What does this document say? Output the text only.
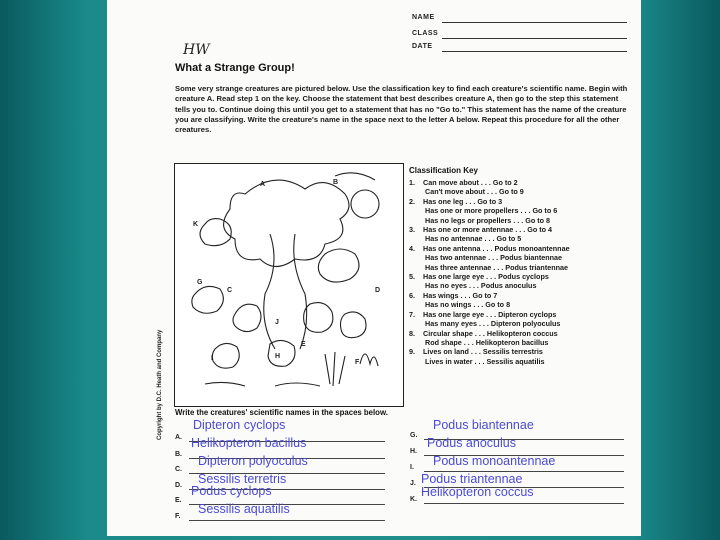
NAME
CLASS
DATE
HW
What a Strange Group!
Some very strange creatures are pictured below. Use the classification key to find each creature's scientific name. Begin with creature A. Read step 1 on the key. Choose the statement that best describes creature A, then go to the step this statement tells you to. Continue doing this until you get to a statement that has no "Go to." This statement has the name of the creature you are classifying. Write the creature's name in the space next to the letter A below. Repeat this procedure for all the other creatures.
A	B
C	D
E
F
G
H
I
J
K
Classification Key
1. Can move about . . . Go to 2
Can't move about . . . Go to 9
2. Has one leg . . . Go to 3
Has one or more propellers . . . Go to 6
Has no legs or propellers . . . Go to 8
3. Has one or more antennae . . . Go to 4
Has no antennae . . . Go to 5
4. Has one antenna . . . Podus monoantennae
Has two antennae . . . Podus biantennae
Has three antennae . . . Podus triantennae
5. Has one large eye . . . Podus cyclops
Has no eyes . . . Podus anoculus
6. Has wings . . . Go to 7
Has no wings . . . Go to 8
7. Has one large eye . . . Dipteron cyclops
Has many eyes . . . Dipteron polyoculus
8. Circular shape . . . Helikopteron coccus
Rod shape . . . Helikopteron bacillus
9. Lives on land . . . Sessilis terrestris
Lives in water . . . Sessilis aquatilis
Copyright by D.C. Heath and Company Write the creatures' scientific names in the spaces below.
A.
Dipteron cyclops
B.
Helikopteron bacillus
C.
Dipteron polyoculus
D. Sessilis terretris
E.
Podus cyclops
F.
Sessilis aquatilis
G.
Podus biantennae
H.
Podus anoculus
I. Podus monoantennae
J. Podus triantennae
K.
Helikopteron coccus
